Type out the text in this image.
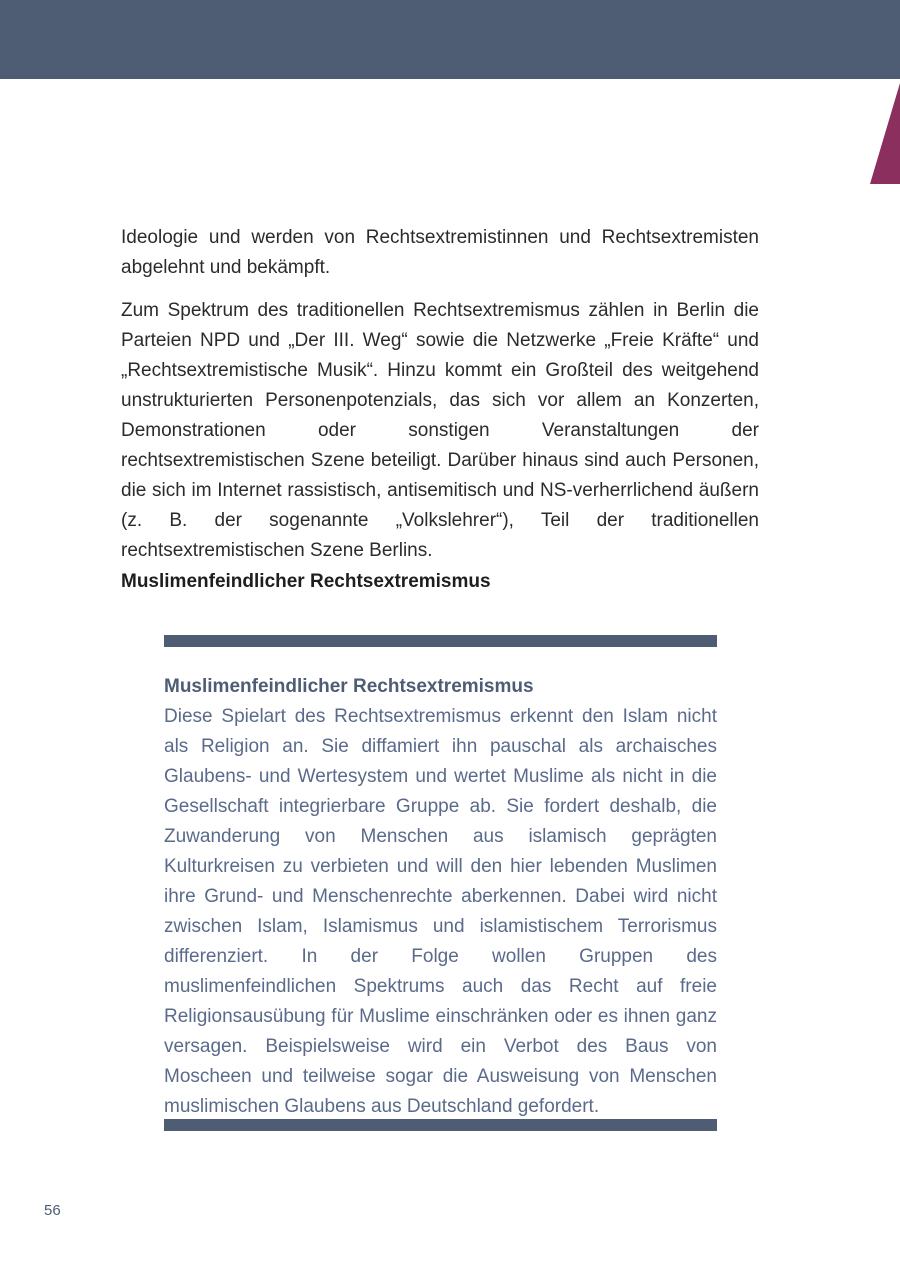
Ideologie und werden von Rechtsextremistinnen und Rechtsextremisten abgelehnt und bekämpft.
Zum Spektrum des traditionellen Rechtsextremismus zählen in Berlin die Parteien NPD und „Der III. Weg“ sowie die Netzwerke „Freie Kräfte“ und „Rechtsextremistische Musik“. Hinzu kommt ein Großteil des weitgehend unstrukturierten Personenpotenzials, das sich vor allem an Konzerten, Demonstrationen oder sonstigen Veranstaltungen der rechtsextremistischen Szene beteiligt. Darüber hinaus sind auch Personen, die sich im Internet rassistisch, antisemitisch und NS-verherrlichend äußern (z. B. der sogenannte „Volkslehrer“), Teil der traditionellen rechtsextremistischen Szene Berlins.
Muslimenfeindlicher Rechtsextremismus
Muslimenfeindlicher Rechtsextremismus
Diese Spielart des Rechtsextremismus erkennt den Islam nicht als Religion an. Sie diffamiert ihn pauschal als archaisches Glaubens- und Wertesystem und wertet Muslime als nicht in die Gesellschaft integrierbare Gruppe ab. Sie fordert deshalb, die Zuwanderung von Menschen aus islamisch geprägten Kulturkreisen zu verbieten und will den hier lebenden Muslimen ihre Grund- und Menschenrechte aberkennen. Dabei wird nicht zwischen Islam, Islamismus und islamistischem Terrorismus differenziert. In der Folge wollen Gruppen des muslimenfeindlichen Spektrums auch das Recht auf freie Religionsausübung für Muslime einschränken oder es ihnen ganz versagen. Beispielsweise wird ein Verbot des Baus von Moscheen und teilweise sogar die Ausweisung von Menschen muslimischen Glaubens aus Deutschland gefordert.
56
